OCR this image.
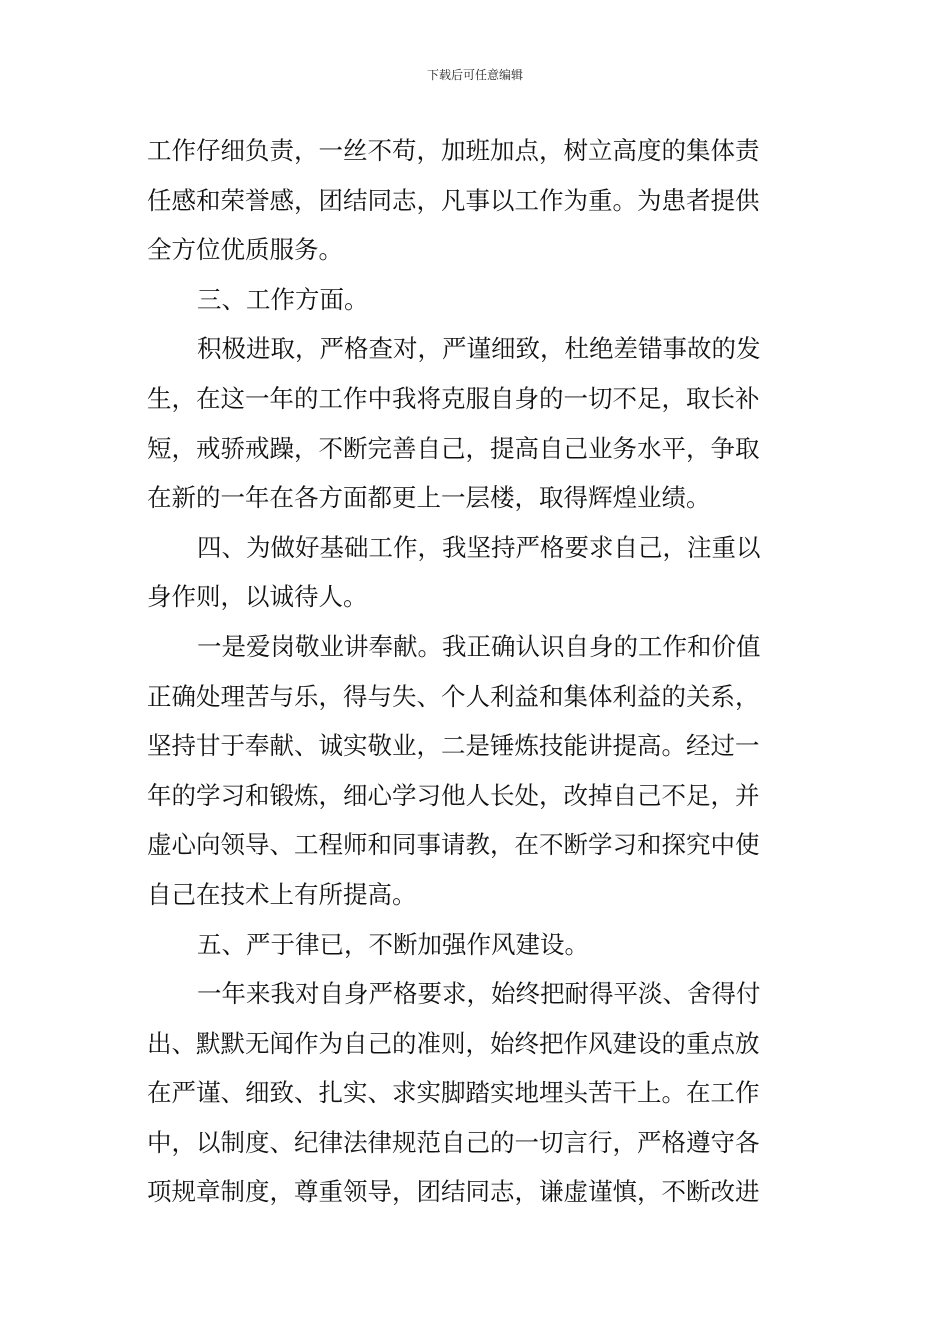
下载后可任意编辑
工作仔细负责，一丝不苟，加班加点，树立高度的集体责
任感和荣誉感，团结同志，凡事以工作为重。为患者提供
全方位优质服务。
三、工作方面。
积极进取，严格查对，严谨细致，杜绝差错事故的发
生，在这一年的工作中我将克服自身的一切不足，取长补
短，戒骄戒躁，不断完善自己，提高自己业务水平，争取
在新的一年在各方面都更上一层楼，取得辉煌业绩。
四、为做好基础工作，我坚持严格要求自己，注重以
身作则，以诚待人。
一是爱岗敬业讲奉献。我正确认识自身的工作和价值
正确处理苦与乐，得与失、个人利益和集体利益的关系，
坚持甘于奉献、诚实敬业，二是锤炼技能讲提高。经过一
年的学习和锻炼，细心学习他人长处，改掉自己不足，并
虚心向领导、工程师和同事请教，在不断学习和探究中使
自己在技术上有所提高。
五、严于律已，不断加强作风建设。
一年来我对自身严格要求，始终把耐得平淡、舍得付
出、默默无闻作为自己的准则，始终把作风建设的重点放
在严谨、细致、扎实、求实脚踏实地埋头苦干上。在工作
中，以制度、纪律法律规范自己的一切言行，严格遵守各
项规章制度，尊重领导，团结同志，谦虚谨慎，不断改进
